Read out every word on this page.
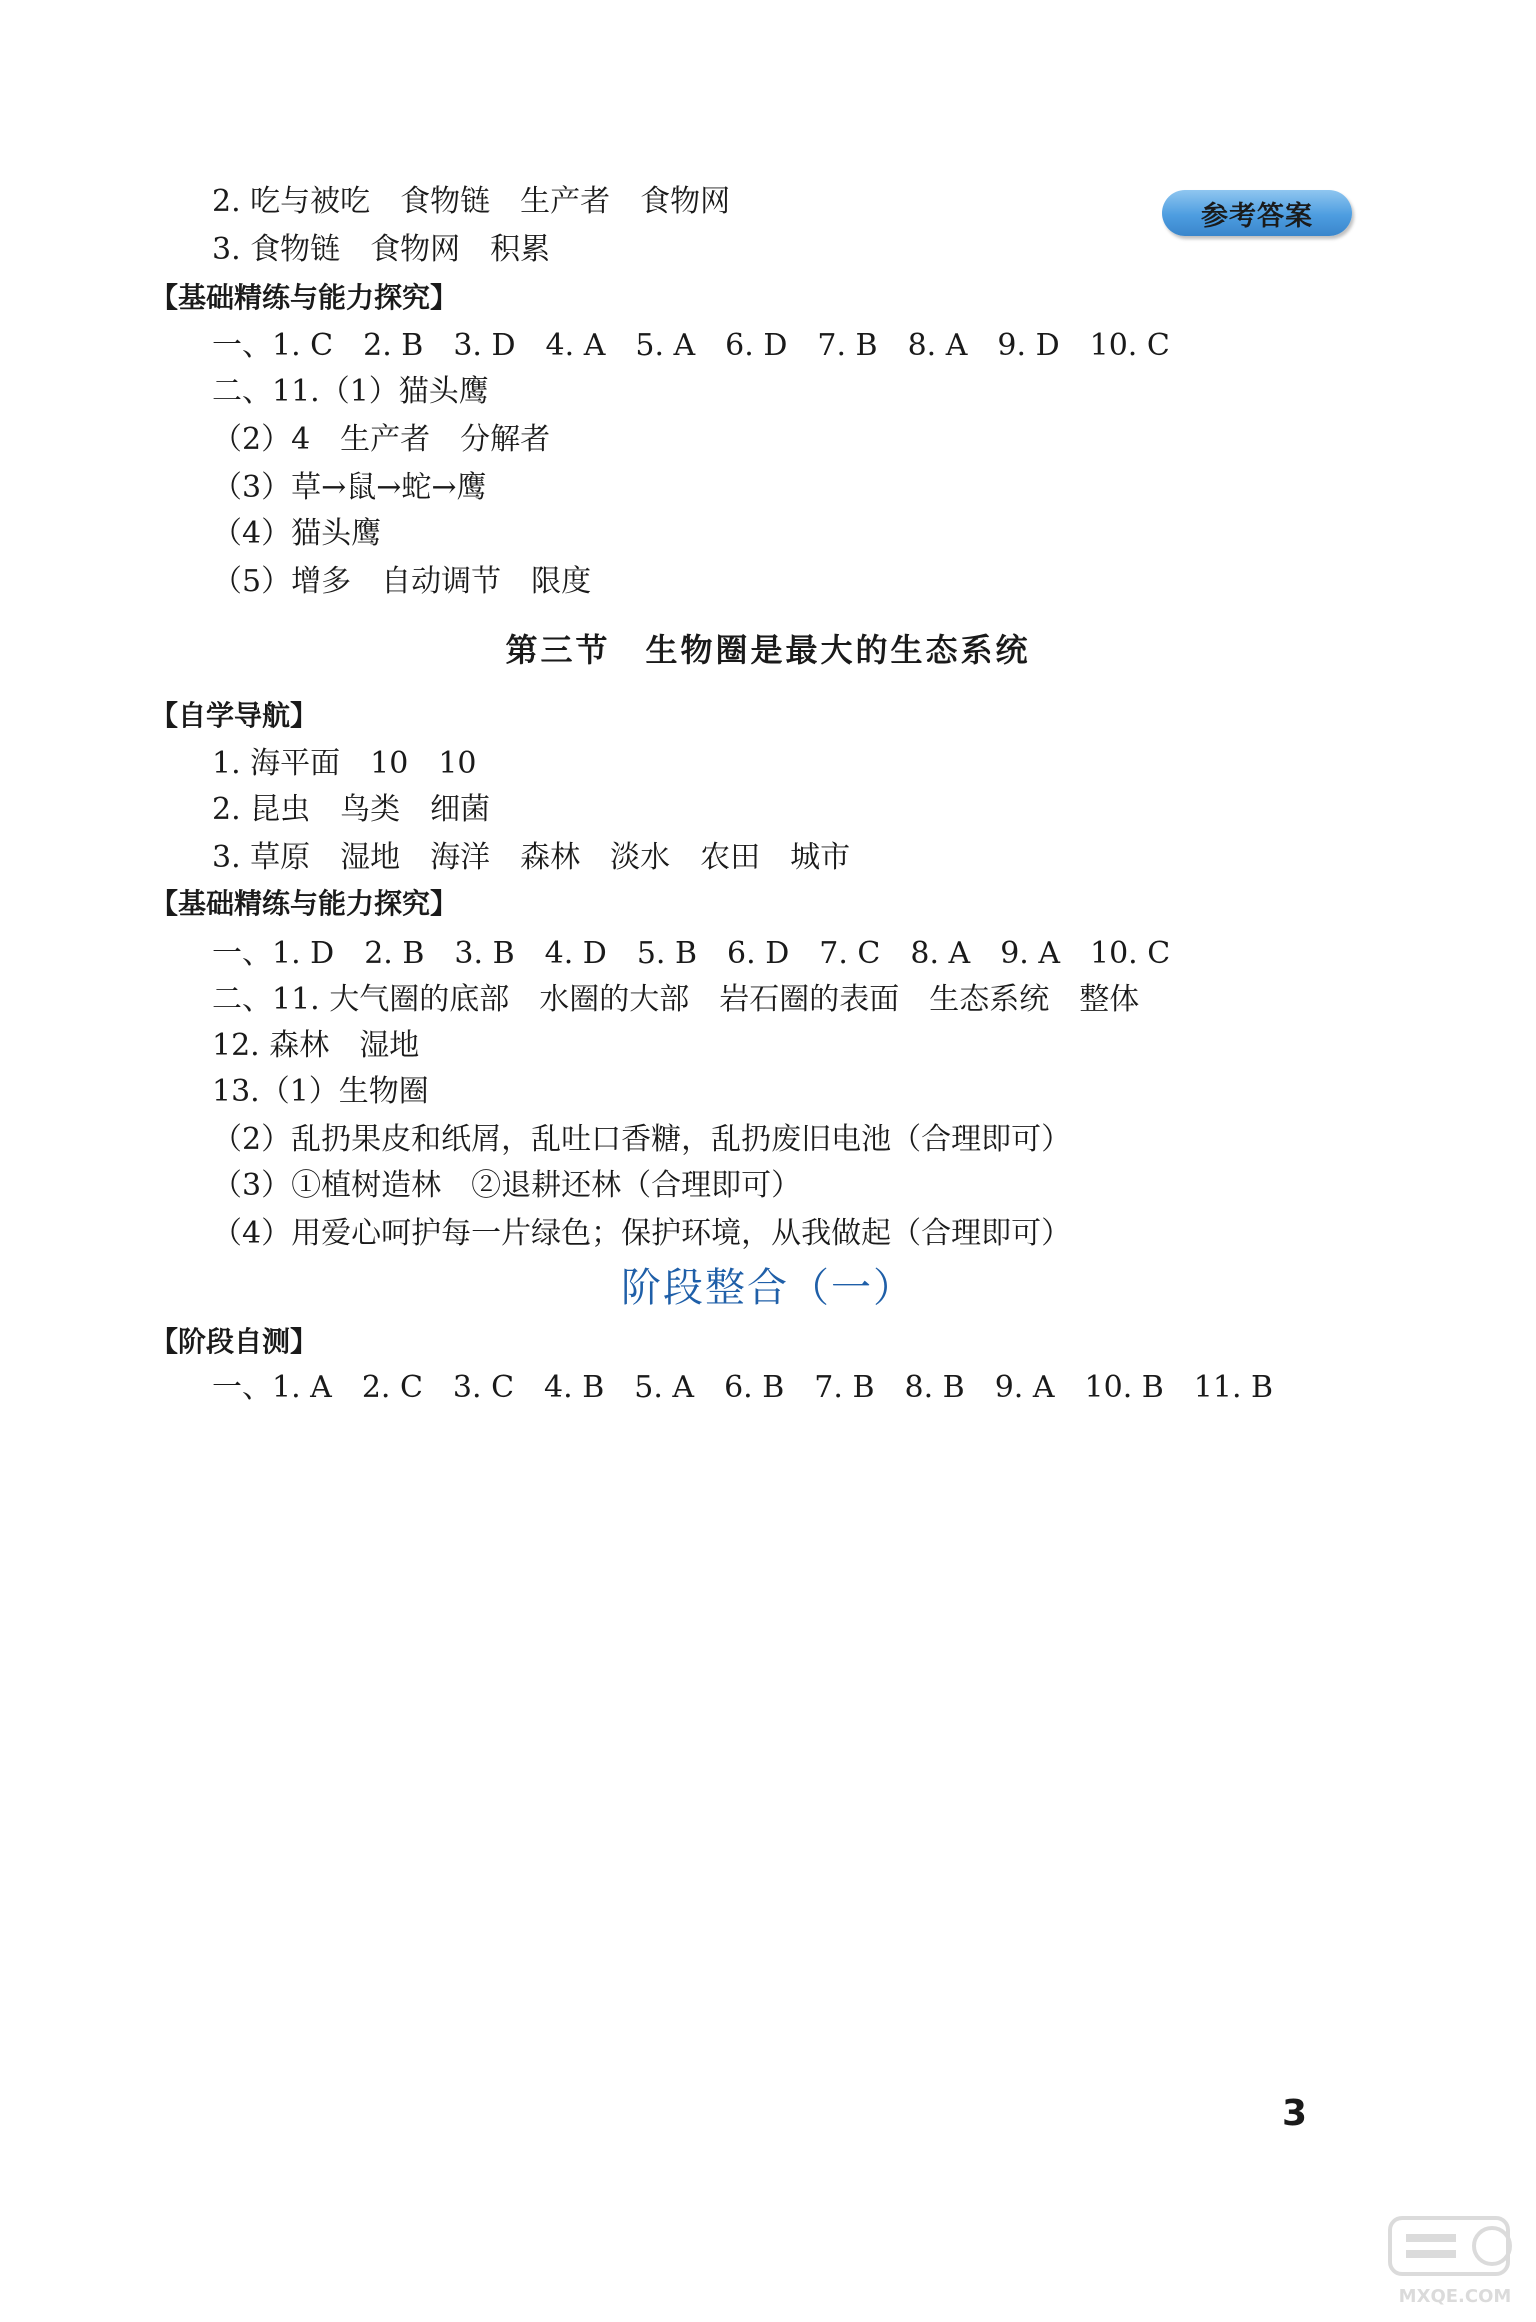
参考答案
2. 吃与被吃　食物链　生产者　食物网
3. 食物链　食物网　积累
【基础精练与能力探究】
一、1. C　2. B　3. D　4. A　5. A　6. D　7. B　8. A　9. D　10. C
二、11.（1）猫头鹰
（2）4　生产者　分解者
（3）草→鼠→蛇→鹰
（4）猫头鹰
（5）增多　自动调节　限度
第三节　生物圈是最大的生态系统
【自学导航】
1. 海平面　10　10
2. 昆虫　鸟类　细菌
3. 草原　湿地　海洋　森林　淡水　农田　城市
【基础精练与能力探究】
一、1. D　2. B　3. B　4. D　5. B　6. D　7. C　8. A　9. A　10. C
二、11. 大气圈的底部　水圈的大部　岩石圈的表面　生态系统　整体
12. 森林　湿地
13.（1）生物圈
（2）乱扔果皮和纸屑，乱吐口香糖，乱扔废旧电池（合理即可）
（3）①植树造林　②退耕还林（合理即可）
（4）用爱心呵护每一片绿色；保护环境，从我做起（合理即可）
阶段整合（一）
【阶段自测】
一、1. A　2. C　3. C　4. B　5. A　6. B　7. B　8. B　9. A　10. B　11. B
3
MXQE.COM
